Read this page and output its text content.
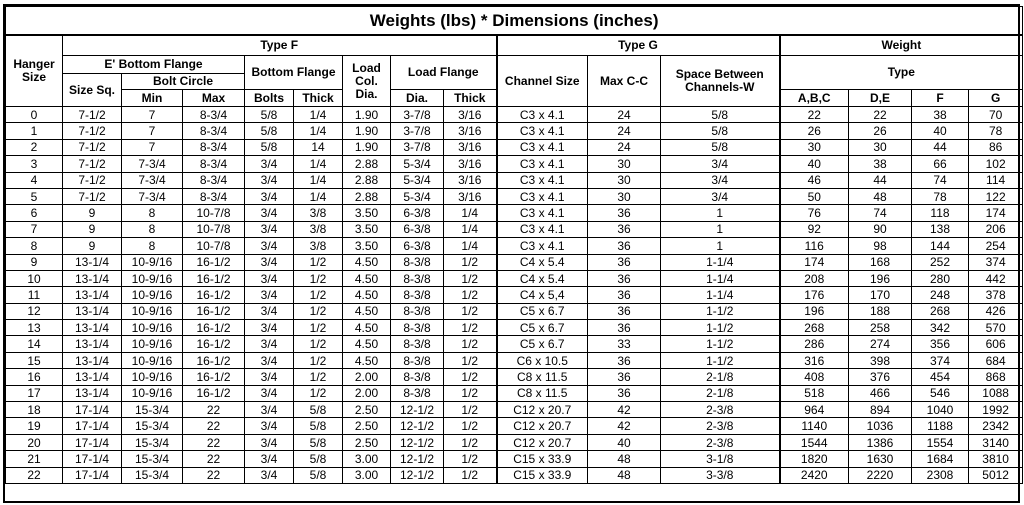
Weights (lbs) * Dimensions (inches)															
Hanger Size	Type F								Type G			Weight			
	E' Bottom Flange			Bottom Flange		Load Col. Dia.	Load Flange		Channel Size	Max C-C	Space Between Channels-W	Type			
	Size Sq.	Bolt Circle													
		Min	Max	Bolts	Thick		Dia.	Thick				A,B,C	D,E	F	G
0	7-1/2	7	8-3/4	5/8	1/4	1.90	3-7/8	3/16	C3 x 4.1	24	5/8	22	22	38	70
1	7-1/2	7	8-3/4	5/8	1/4	1.90	3-7/8	3/16	C3 x 4.1	24	5/8	26	26	40	78
2	7-1/2	7	8-3/4	5/8	14	1.90	3-7/8	3/16	C3 x 4.1	24	5/8	30	30	44	86
3	7-1/2	7-3/4	8-3/4	3/4	1/4	2.88	5-3/4	3/16	C3 x 4.1	30	3/4	40	38	66	102
4	7-1/2	7-3/4	8-3/4	3/4	1/4	2.88	5-3/4	3/16	C3 x 4.1	30	3/4	46	44	74	114
5	7-1/2	7-3/4	8-3/4	3/4	1/4	2.88	5-3/4	3/16	C3 x 4.1	30	3/4	50	48	78	122
6	9	8	10-7/8	3/4	3/8	3.50	6-3/8	1/4	C3 x 4.1	36	1	76	74	118	174
7	9	8	10-7/8	3/4	3/8	3.50	6-3/8	1/4	C3 x 4.1	36	1	92	90	138	206
8	9	8	10-7/8	3/4	3/8	3.50	6-3/8	1/4	C3 x 4.1	36	1	116	98	144	254
9	13-1/4	10-9/16	16-1/2	3/4	1/2	4.50	8-3/8	1/2	C4 x 5.4	36	1-1/4	174	168	252	374
10	13-1/4	10-9/16	16-1/2	3/4	1/2	4.50	8-3/8	1/2	C4 x 5.4	36	1-1/4	208	196	280	442
11	13-1/4	10-9/16	16-1/2	3/4	1/2	4.50	8-3/8	1/2	C4 x 5,4	36	1-1/4	176	170	248	378
12	13-1/4	10-9/16	16-1/2	3/4	1/2	4.50	8-3/8	1/2	C5 x 6.7	36	1-1/2	196	188	268	426
13	13-1/4	10-9/16	16-1/2	3/4	1/2	4.50	8-3/8	1/2	C5 x 6.7	36	1-1/2	268	258	342	570
14	13-1/4	10-9/16	16-1/2	3/4	1/2	4.50	8-3/8	1/2	C5 x 6.7	33	1-1/2	286	274	356	606
15	13-1/4	10-9/16	16-1/2	3/4	1/2	4.50	8-3/8	1/2	C6 x 10.5	36	1-1/2	316	398	374	684
16	13-1/4	10-9/16	16-1/2	3/4	1/2	2.00	8-3/8	1/2	C8 x 11.5	36	2-1/8	408	376	454	868
17	13-1/4	10-9/16	16-1/2	3/4	1/2	2.00	8-3/8	1/2	C8 x 11.5	36	2-1/8	518	466	546	1088
18	17-1/4	15-3/4	22	3/4	5/8	2.50	12-1/2	1/2	C12 x 20.7	42	2-3/8	964	894	1040	1992
19	17-1/4	15-3/4	22	3/4	5/8	2.50	12-1/2	1/2	C12 x 20.7	42	2-3/8	1140	1036	1188	2342
20	17-1/4	15-3/4	22	3/4	5/8	2.50	12-1/2	1/2	C12 x 20.7	40	2-3/8	1544	1386	1554	3140
21	17-1/4	15-3/4	22	3/4	5/8	3.00	12-1/2	1/2	C15 x 33.9	48	3-1/8	1820	1630	1684	3810
22	17-1/4	15-3/4	22	3/4	5/8	3.00	12-1/2	1/2	C15 x 33.9	48	3-3/8	2420	2220	2308	5012
